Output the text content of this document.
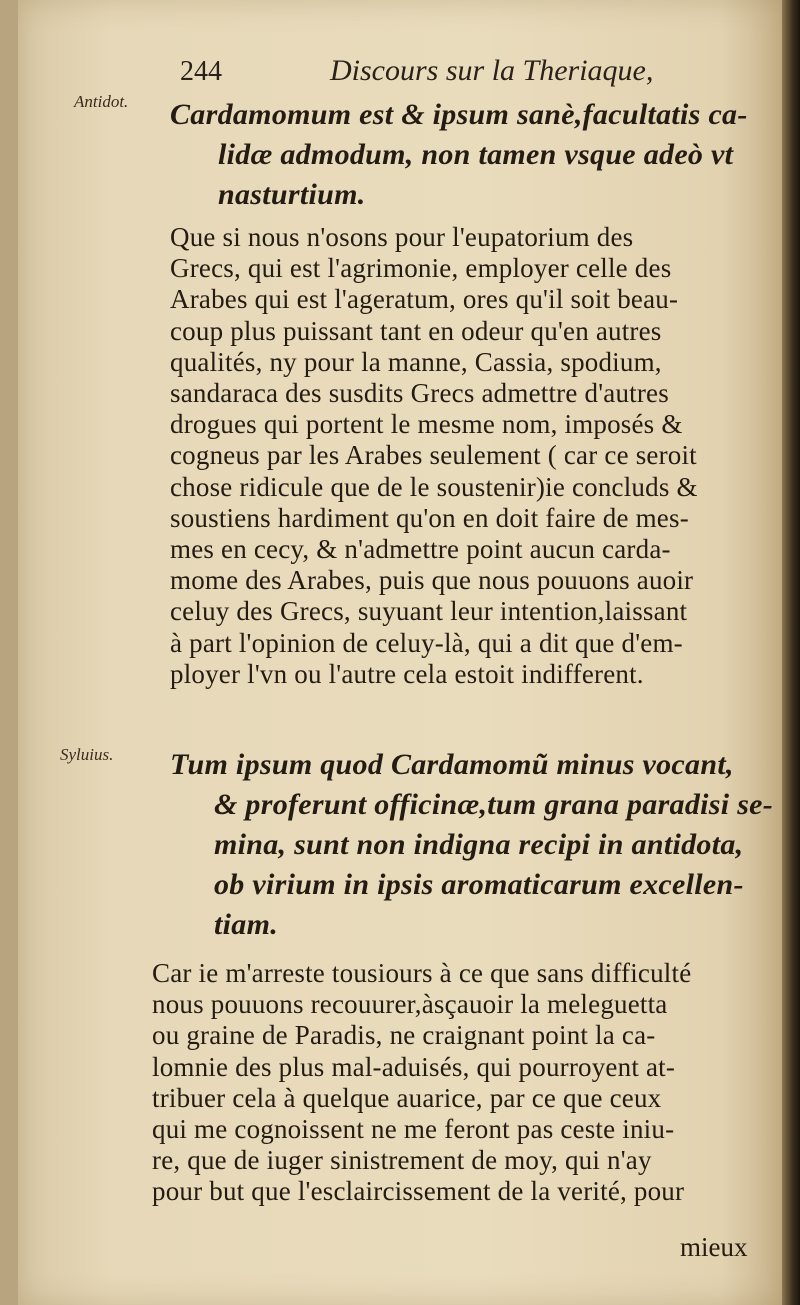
244	Discours sur la Theriaque,
Antidot.
Syluius.
Cardamomum est & ipsum sanè,facultatis ca-
lidæ admodum, non tamen vsque adeò vt
nasturtium.
Que si nous n'osons pour l'eupatorium des
Grecs, qui est l'agrimonie, employer celle des
Arabes qui est l'ageratum, ores qu'il soit beau-
coup plus puissant tant en odeur qu'en autres
qualités, ny pour la manne, Cassia, spodium,
sandaraca des susdits Grecs admettre d'autres
drogues qui portent le mesme nom, imposés &
cogneus par les Arabes seulement ( car ce seroit
chose ridicule que de le soustenir)ie concluds &
soustiens hardiment qu'on en doit faire de mes-
mes en cecy, & n'admettre point aucun carda-
mome des Arabes, puis que nous pouuons auoir
celuy des Grecs, suyuant leur intention,laissant
à part l'opinion de celuy-là, qui a dit que d'em-
ployer l'vn ou l'autre cela estoit indifferent.
Tum ipsum quod Cardamomũ minus vocant,
& proferunt officinæ,tum grana paradisi se-
mina, sunt non indigna recipi in antidota,
ob virium in ipsis aromaticarum excellen-
tiam.
Car ie m'arreste tousiours à ce que sans difficulté
nous pouuons recouurer,àsçauoir la meleguetta
ou graine de Paradis, ne craignant point la ca-
lomnie des plus mal-aduisés, qui pourroyent at-
tribuer cela à quelque auarice, par ce que ceux
qui me cognoissent ne me feront pas ceste iniu-
re, que de iuger sinistrement de moy, qui n'ay
pour but que l'esclaircissement de la verité, pour
mieux
